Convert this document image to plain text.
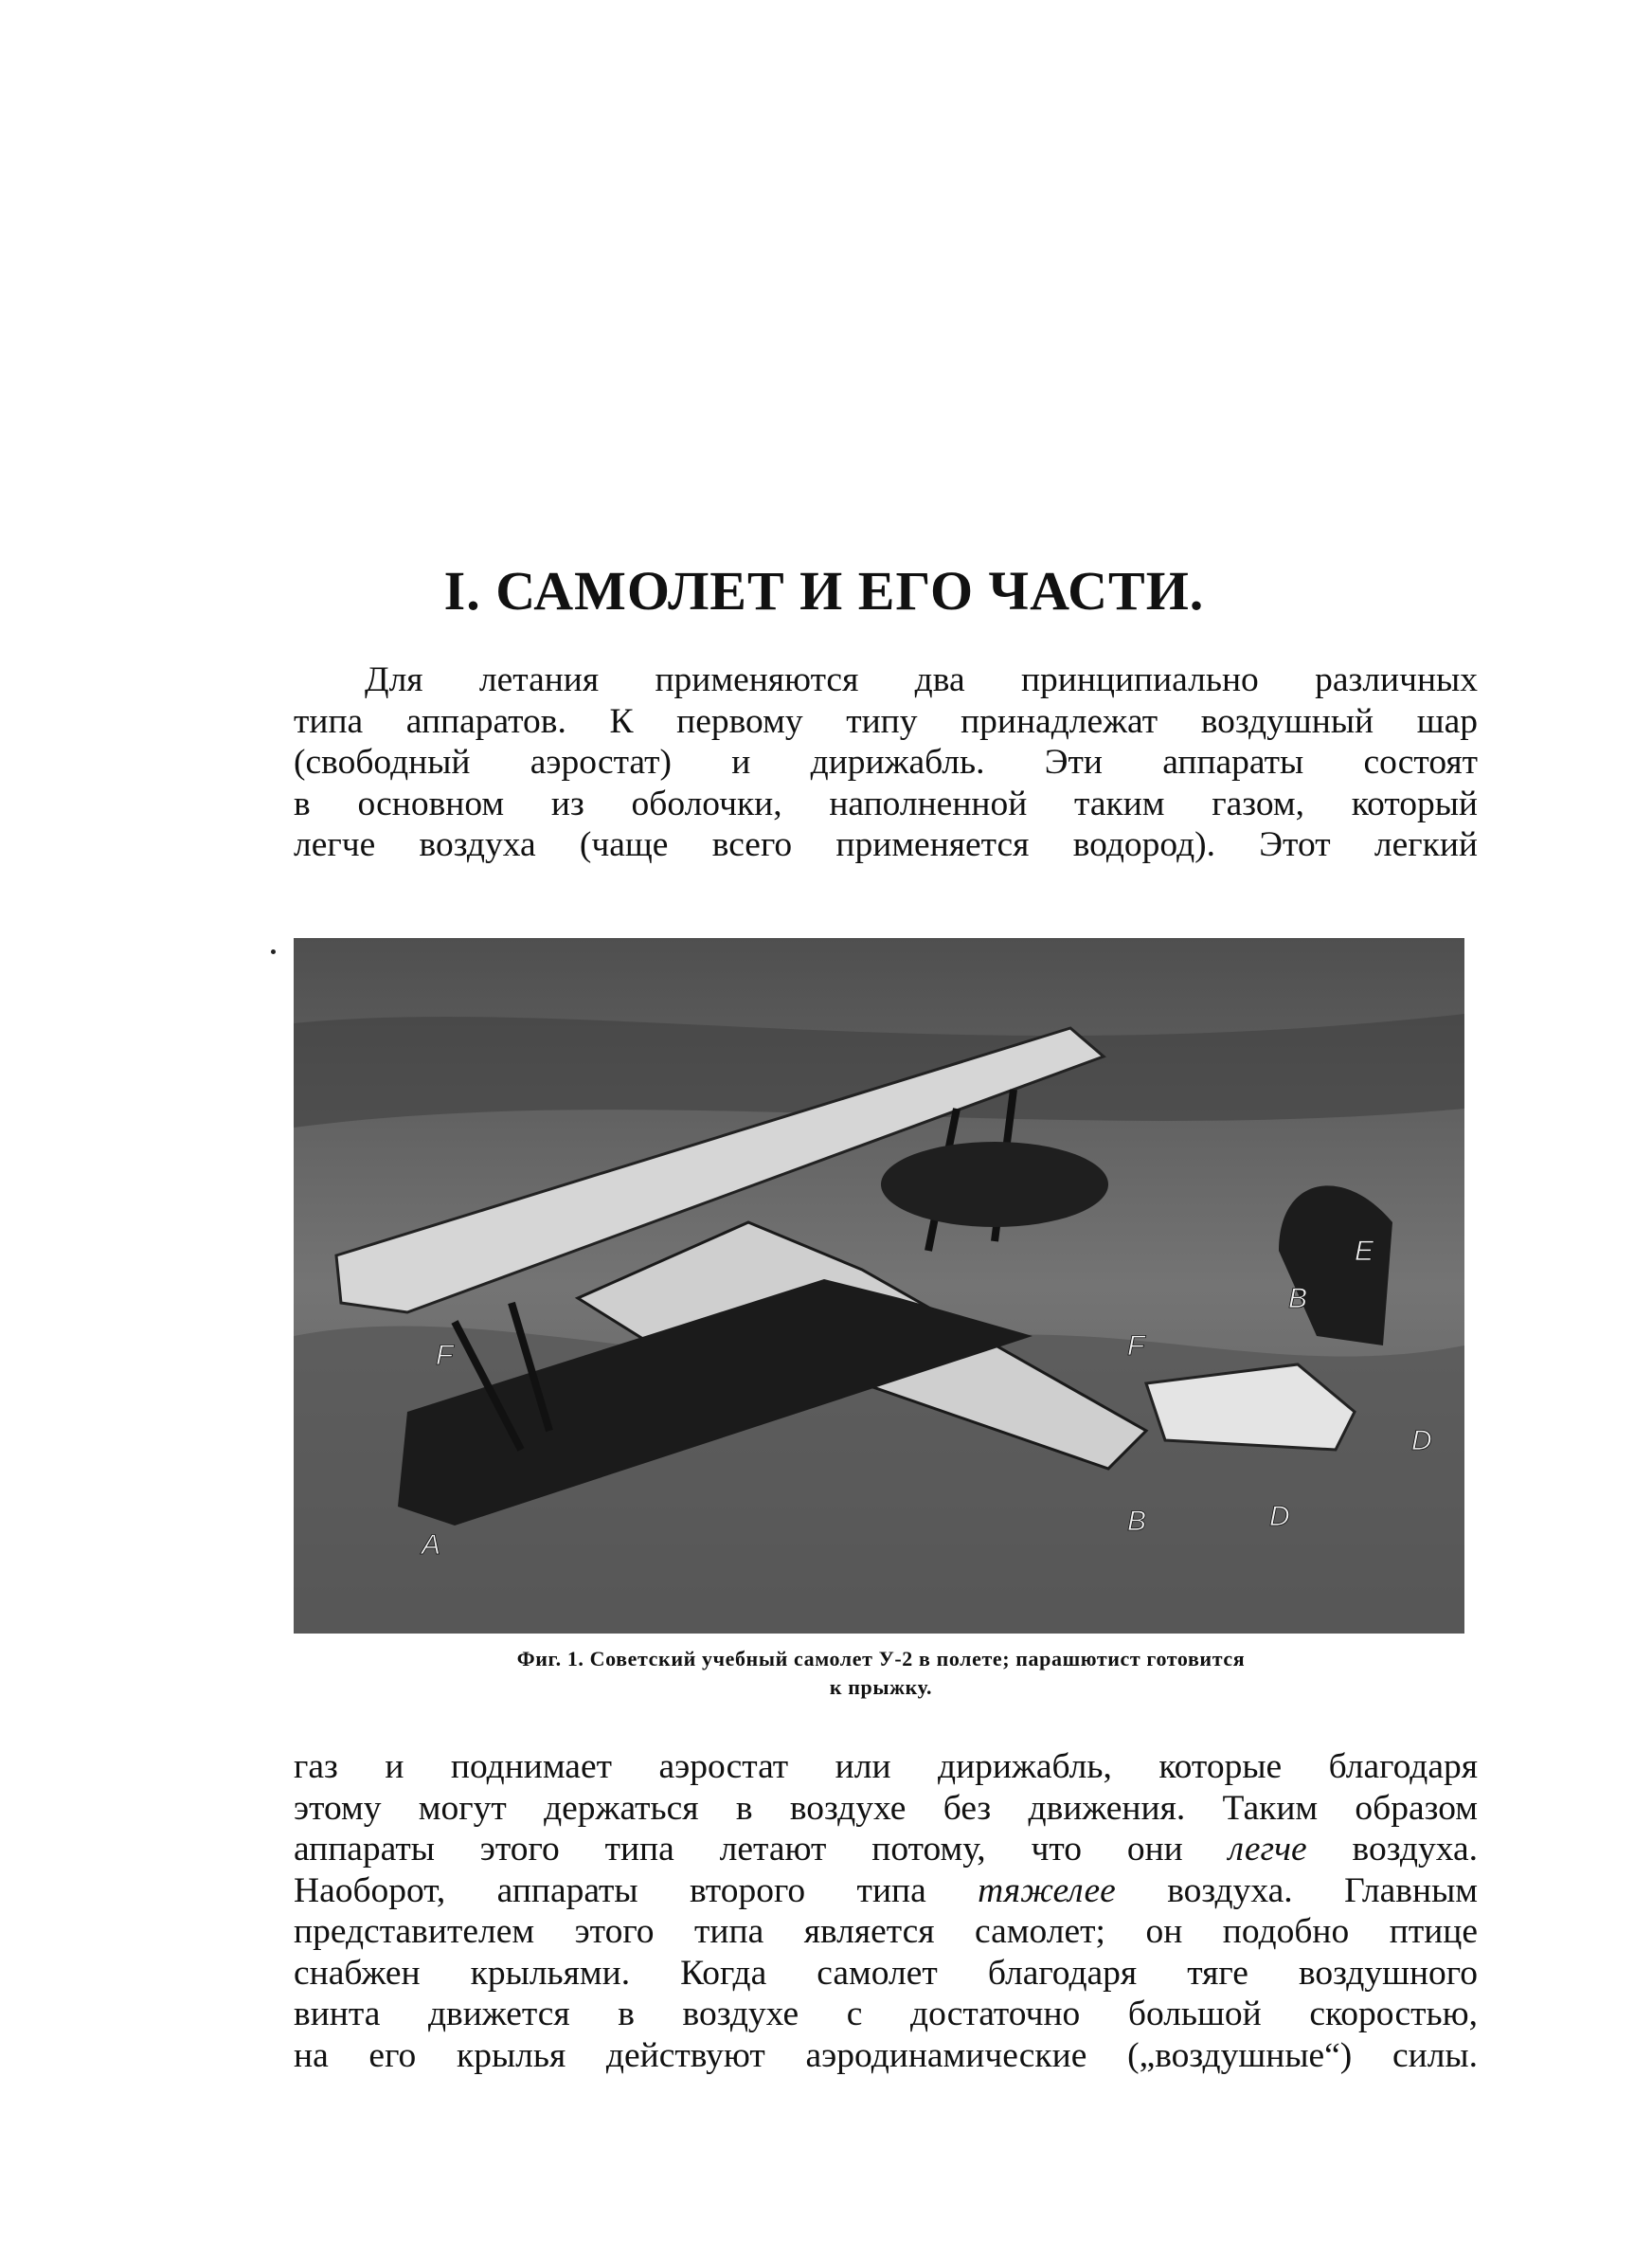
I. САМОЛЕТ И ЕГО ЧАСТИ.

Для летания применяются два принципиально различных
типа аппаратов. К первому типу принадлежат воздушный шар
(свободный аэростат) и дирижабль. Эти аппараты состоят
в основном из оболочки, наполненной таким газом, который
легче воздуха (чаще всего применяется водород). Этот легкий

A
B
B
D
D
E
F	F
Фиг. 1. Советский учебный самолет У-2 в полете; парашютист готовится
к прыжку.

газ и поднимает аэростат или дирижабль, которые благодаря
этому могут держаться в воздухе без движения. Таким образом
аппараты этого типа летают потому, что они легче воздуха.
Наоборот, аппараты второго типа тяжелее воздуха. Главным
представителем этого типа является самолет; он подобно птице
снабжен крыльями. Когда самолет благодаря тяге воздушного
винта движется в воздухе с достаточно большой скоростью,
на его крылья действуют аэродинамические („воздушные“) силы.
